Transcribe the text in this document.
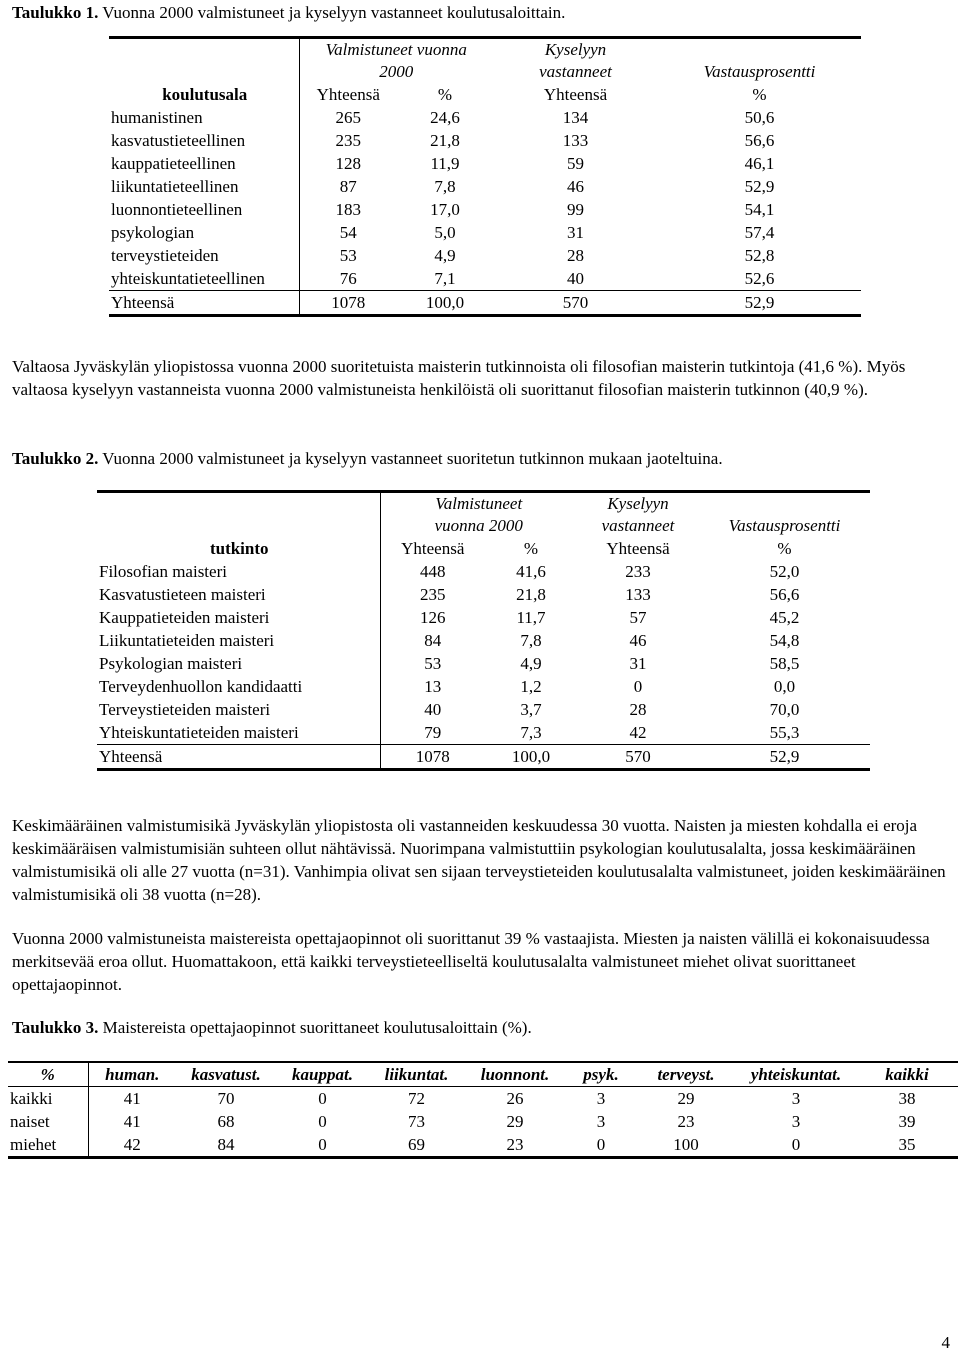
Taulukko 1. Vuonna 2000 valmistuneet ja kyselyyn vastanneet koulutusaloittain.

	Valmistuneet vuonna 2000		Kyselyyn vastanneet	Vastausprosentti
koulutusala	Yhteensä	%	Yhteensä	%
humanistinen	265	24,6	134	50,6
kasvatustieteellinen	235	21,8	133	56,6
kauppatieteellinen	128	11,9	59	46,1
liikuntatieteellinen	87	7,8	46	52,9
luonnontieteellinen	183	17,0	99	54,1
psykologian	54	5,0	31	57,4
terveystieteiden	53	4,9	28	52,8
yhteiskuntatieteellinen	76	7,1	40	52,6
Yhteensä	1078	100,0	570	52,9

Valtaosa Jyväskylän yliopistossa vuonna 2000 suoritetuista maisterin tutkinnoista oli filosofian maisterin tutkintoja (41,6 %). Myös valtaosa kyselyyn vastanneista vuonna 2000 valmistuneista henkilöistä oli suorittanut filosofian maisterin tutkinnon (40,9 %).

Taulukko 2. Vuonna 2000 valmistuneet ja kyselyyn vastanneet suoritetun tutkinnon mukaan jaoteltuina.

	Valmistuneet vuonna 2000		Kyselyyn vastanneet	Vastausprosentti
tutkinto	Yhteensä	%	Yhteensä	%
Filosofian maisteri	448	41,6	233	52,0
Kasvatustieteen maisteri	235	21,8	133	56,6
Kauppatieteiden maisteri	126	11,7	57	45,2
Liikuntatieteiden maisteri	84	7,8	46	54,8
Psykologian maisteri	53	4,9	31	58,5
Terveydenhuollon kandidaatti	13	1,2	0	0,0
Terveystieteiden maisteri	40	3,7	28	70,0
Yhteiskuntatieteiden maisteri	79	7,3	42	55,3
Yhteensä	1078	100,0	570	52,9

Keskimääräinen valmistumisikä Jyväskylän yliopistosta oli vastanneiden keskuudessa 30 vuotta. Naisten ja miesten kohdalla ei eroja keskimääräisen valmistumisiän suhteen ollut nähtävissä. Nuorimpana valmistuttiin psykologian koulutusalalta, jossa keskimääräinen valmistumisikä oli alle 27 vuotta (n=31). Vanhimpia olivat sen sijaan terveystieteiden koulutusalalta valmistuneet, joiden keskimääräinen valmistumisikä oli 38 vuotta (n=28).

Vuonna 2000 valmistuneista maistereista opettajaopinnot oli suorittanut 39 % vastaajista. Miesten ja naisten välillä ei kokonaisuudessa merkitsevää eroa ollut. Huomattakoon, että kaikki terveystieteelliseltä koulutusalalta valmistuneet miehet olivat suorittaneet opettajaopinnot.

Taulukko 3. Maistereista opettajaopinnot suorittaneet koulutusaloittain (%).

%	human.	kasvatust.	kauppat.	liikuntat.	luonnont.	psyk.	terveyst.	yhteiskuntat.	kaikki
kaikki	41	70	0	72	26	3	29	3	38
naiset	41	68	0	73	29	3	23	3	39
miehet	42	84	0	69	23	0	100	0	35
4
